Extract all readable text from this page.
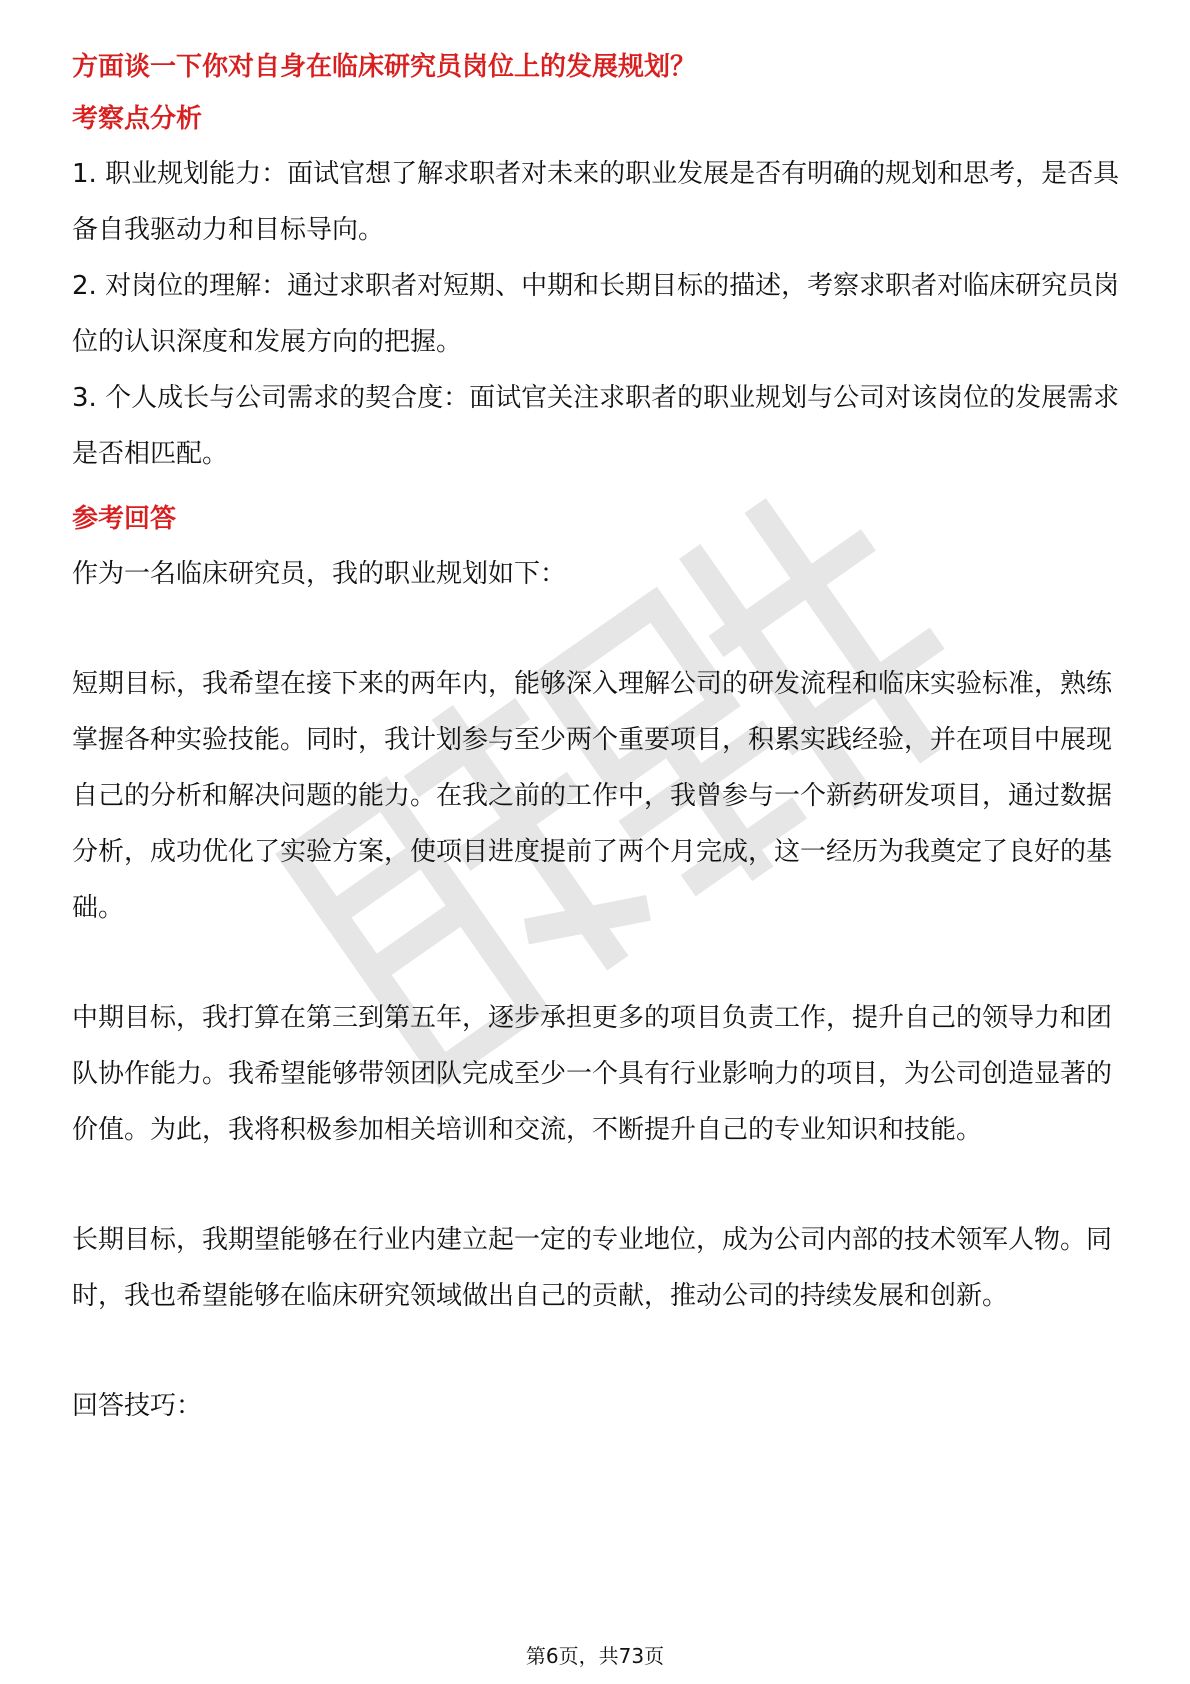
方面谈一下你对自身在临床研究员岗位上的发展规划？
考察点分析

1. 职业规划能力：面试官想了解求职者对未来的职业发展是否有明确的规划和思考，是否具备自我驱动力和目标导向。

2. 对岗位的理解：通过求职者对短期、中期和长期目标的描述，考察求职者对临床研究员岗位的认识深度和发展方向的把握。

3. 个人成长与公司需求的契合度：面试官关注求职者的职业规划与公司对该岗位的发展需求是否相匹配。

参考回答

作为一名临床研究员，我的职业规划如下：

短期目标，我希望在接下来的两年内，能够深入理解公司的研发流程和临床实验标准，熟练掌握各种实验技能。同时，我计划参与至少两个重要项目，积累实践经验，并在项目中展现自己的分析和解决问题的能力。在我之前的工作中，我曾参与一个新药研发项目，通过数据分析，成功优化了实验方案，使项目进度提前了两个月完成，这一经历为我奠定了良好的基础。

中期目标，我打算在第三到第五年，逐步承担更多的项目负责工作，提升自己的领导力和团队协作能力。我希望能够带领团队完成至少一个具有行业影响力的项目，为公司创造显著的价值。为此，我将积极参加相关培训和交流，不断提升自己的专业知识和技能。

长期目标，我期望能够在行业内建立起一定的专业地位，成为公司内部的技术领军人物。同时，我也希望能够在临床研究领域做出自己的贡献，推动公司的持续发展和创新。

回答技巧：

第6页，共73页
